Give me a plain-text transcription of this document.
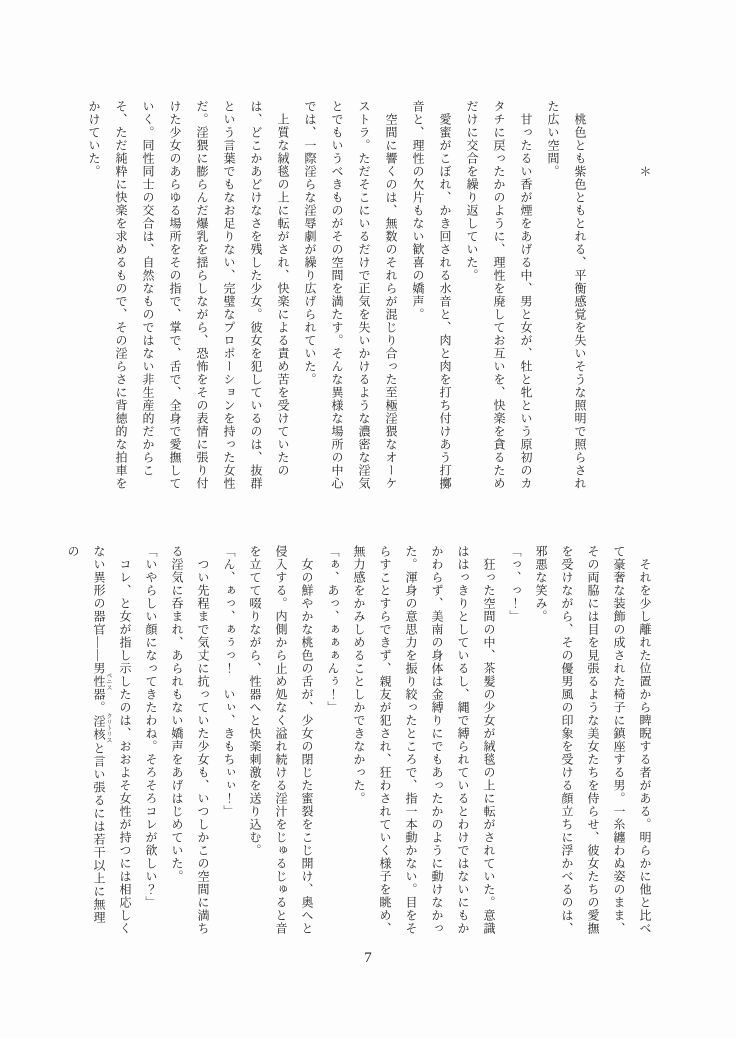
＊

桃色とも紫色ともとれる、平衡感覚を失いそうな照明で照らされた広い空間。

甘ったるい香が煙をあげる中、男と女が、牡と牝という原初のカタチに戻ったかのように、理性を廃してお互いを、快楽を貪るためだけに交合を繰り返していた。

愛蜜がこぼれ、かき回される水音と、肉と肉を打ち付けあう打擲音と、理性の欠片もない歓喜の嬌声。

空間に響くのは、無数のそれらが混じり合った至極淫猥なオーケストラ。ただそこにいるだけで正気を失いかけるような濃密な淫気とでもいうべきものがその空間を満たす。そんな異様な場所の中心では、一際淫らな淫辱劇が繰り広げられていた。

上質な絨毯の上に転がされ、快楽による責め苦を受けていたのは、どこかあどけなさを残した少女。彼女を犯しているのは、抜群という言葉でもなお足りない、完璧なプロポーションを持った女性だ。淫猥に膨らんだ爆乳を揺らしながら、恐怖をその表情に張り付けた少女のあらゆる場所をその指で、掌で、舌で、全身で愛撫していく。同性同士の交合は、自然なものではない非生産的だからこそ、ただ純粋に快楽を求めるもので、その淫らさに背徳的な拍車をかけていた。

それを少し離れた位置から睥睨する者がある。明らかに他と比べて豪奢な装飾の成された椅子に鎮座する男。一糸纏わぬ姿のまま、その両脇には目を見張るような美女たちを侍らせ、彼女たちの愛撫を受けながら、その優男風の印象を受ける顔立ちに浮かべるのは、邪悪な笑み。

「っ、っ！」

狂った空間の中、茶髪の少女が絨毯の上に転がされていた。意識ははっきりとしているし、縄で縛られているとわけではないにもかかわらず、美南の身体は金縛りにでもあったかのように動けなかった。渾身の意思力を振り絞ったところで、指一本動かない。目をそらすことすらできず、親友が犯され、狂わされていく様子を眺め、無力感をかみしめることしかできなかった。

「ぁ、あっ、ぁぁぁんぅ！」

女の鮮やかな桃色の舌が、少女の閉じた蜜裂をこじ開け、奥へと侵入する。内側から止め処なく溢れ続ける淫汁をじゅるじゅると音を立てて啜りながら、性器へと快楽刺激を送り込む。

「ん、ぁっ、ぁぅっ！　いぃ、きもちぃぃ！」

つい先程まで気丈に抗っていた少女も、いつしかこの空間に満ちる淫気に呑まれ、あられもない嬌声をあげはじめていた。

「いやらしい顔になってきたわね。そろそろコレが欲しい？」

コレ、と女が指し示したのは、おおよそ女性が持つには相応しくない異形の器官――男性器 ペニス。淫核 クリトリスと言い張るには若干以上に無理の

7
